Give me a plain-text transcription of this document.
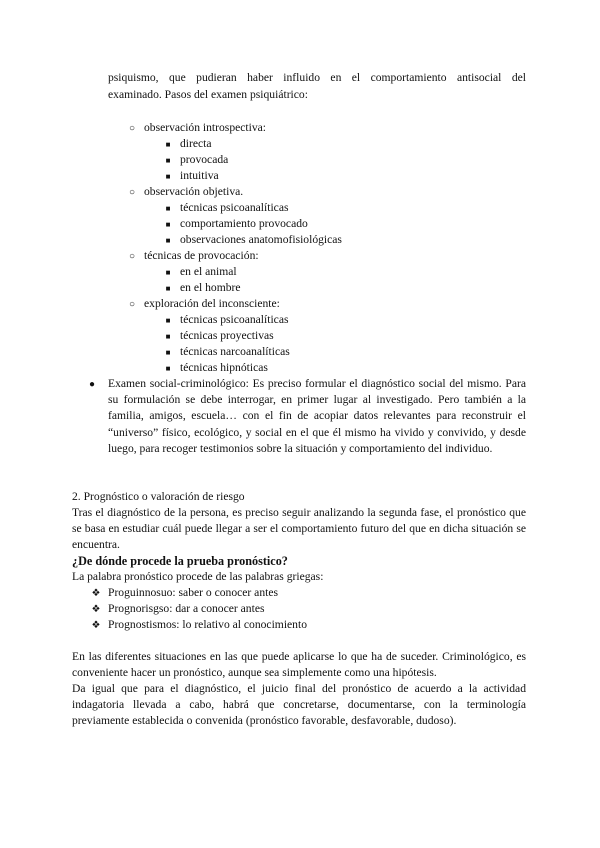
psiquismo, que pudieran haber influido en el comportamiento antisocial del
examinado. Pasos del examen psiquiátrico:
○ observación introspectiva:
■ directa
■ provocada
■ intuitiva
○ observación objetiva.
■ técnicas psicoanalíticas
■ comportamiento provocado
■ observaciones anatomofisiológicas
○ técnicas de provocación:
■ en el animal
■ en el hombre
○ exploración del inconsciente:
■ técnicas psicoanalíticas
■ técnicas proyectivas
■ técnicas narcoanalíticas
■ técnicas hipnóticas
● Examen social-criminológico: Es preciso formular el diagnóstico social del mismo. Para su formulación se debe interrogar, en primer lugar al investigado. Pero también a la familia, amigos, escuela… con el fin de acopiar datos relevantes para reconstruir el “universo” físico, ecológico, y social en el que él mismo ha vivido y convivido, y desde luego, para recoger testimonios sobre la situación y comportamiento del individuo.
2. Prognóstico o valoración de riesgo
Tras el diagnóstico de la persona, es preciso seguir analizando la segunda fase, el pronóstico que se basa en estudiar cuál puede llegar a ser el comportamiento futuro del que en dicha situación se encuentra.
¿De dónde procede la prueba pronóstico?
La palabra pronóstico procede de las palabras griegas:
❖ Proguinnosuo: saber o conocer antes
❖ Prognorisgso: dar a conocer antes
❖ Prognostismos: lo relativo al conocimiento
En las diferentes situaciones en las que puede aplicarse lo que ha de suceder. Criminológico, es conveniente hacer un pronóstico, aunque sea simplemente como una hipótesis.
Da igual que para el diagnóstico, el juicio final del pronóstico de acuerdo a la actividad indagatoria llevada a cabo, habrá que concretarse, documentarse, con la terminología previamente establecida o convenida (pronóstico favorable, desfavorable, dudoso).
